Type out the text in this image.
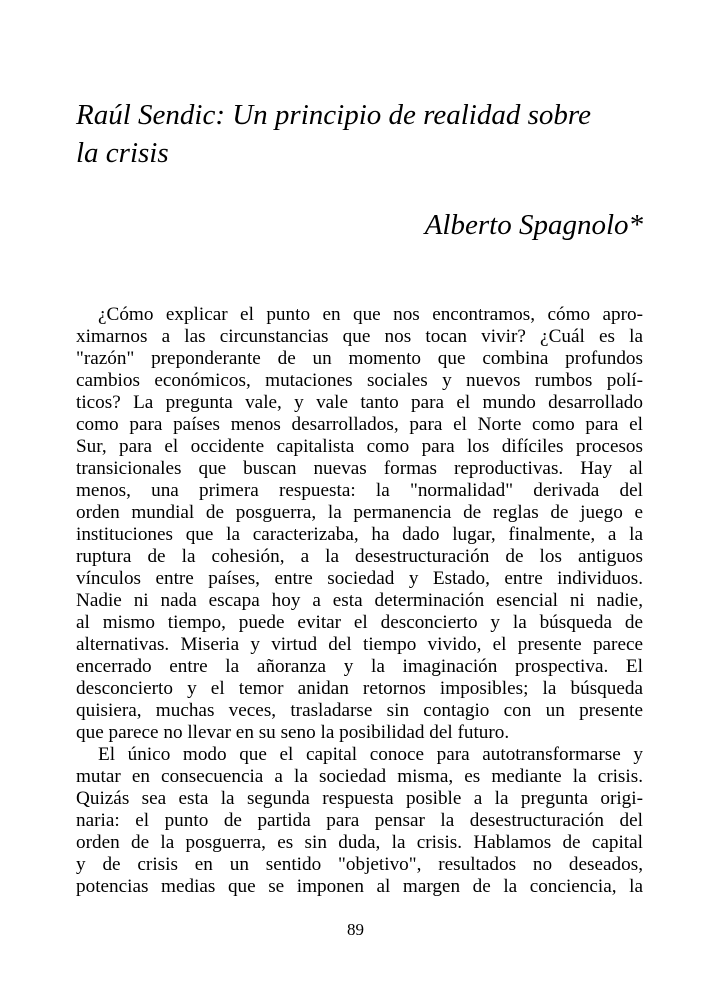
Raúl Sendic: Un principio de realidad sobre
la crisis

Alberto Spagnolo*

¿Cómo explicar el punto en que nos encontramos, cómo apro-
ximarnos a las circunstancias que nos tocan vivir? ¿Cuál es la
"razón" preponderante de un momento que combina profundos
cambios económicos, mutaciones sociales y nuevos rumbos polí-
ticos? La pregunta vale, y vale tanto para el mundo desarrollado
como para países menos desarrollados, para el Norte como para el
Sur, para el occidente capitalista como para los difíciles procesos
transicionales que buscan nuevas formas reproductivas. Hay al
menos, una primera respuesta: la "normalidad" derivada del
orden mundial de posguerra, la permanencia de reglas de juego e
instituciones que la caracterizaba, ha dado lugar, finalmente, a la
ruptura de la cohesión, a la desestructuración de los antiguos
vínculos entre países, entre sociedad y Estado, entre individuos.
Nadie ni nada escapa hoy a esta determinación esencial ni nadie,
al mismo tiempo, puede evitar el desconcierto y la búsqueda de
alternativas. Miseria y virtud del tiempo vivido, el presente parece
encerrado entre la añoranza y la imaginación prospectiva. El
desconcierto y el temor anidan retornos imposibles; la búsqueda
quisiera, muchas veces, trasladarse sin contagio con un presente
que parece no llevar en su seno la posibilidad del futuro.
El único modo que el capital conoce para autotransformarse y
mutar en consecuencia a la sociedad misma, es mediante la crisis.
Quizás sea esta la segunda respuesta posible a la pregunta origi-
naria: el punto de partida para pensar la desestructuración del
orden de la posguerra, es sin duda, la crisis. Hablamos de capital
y de crisis en un sentido "objetivo", resultados no deseados,
potencias medias que se imponen al margen de la conciencia, la
89
